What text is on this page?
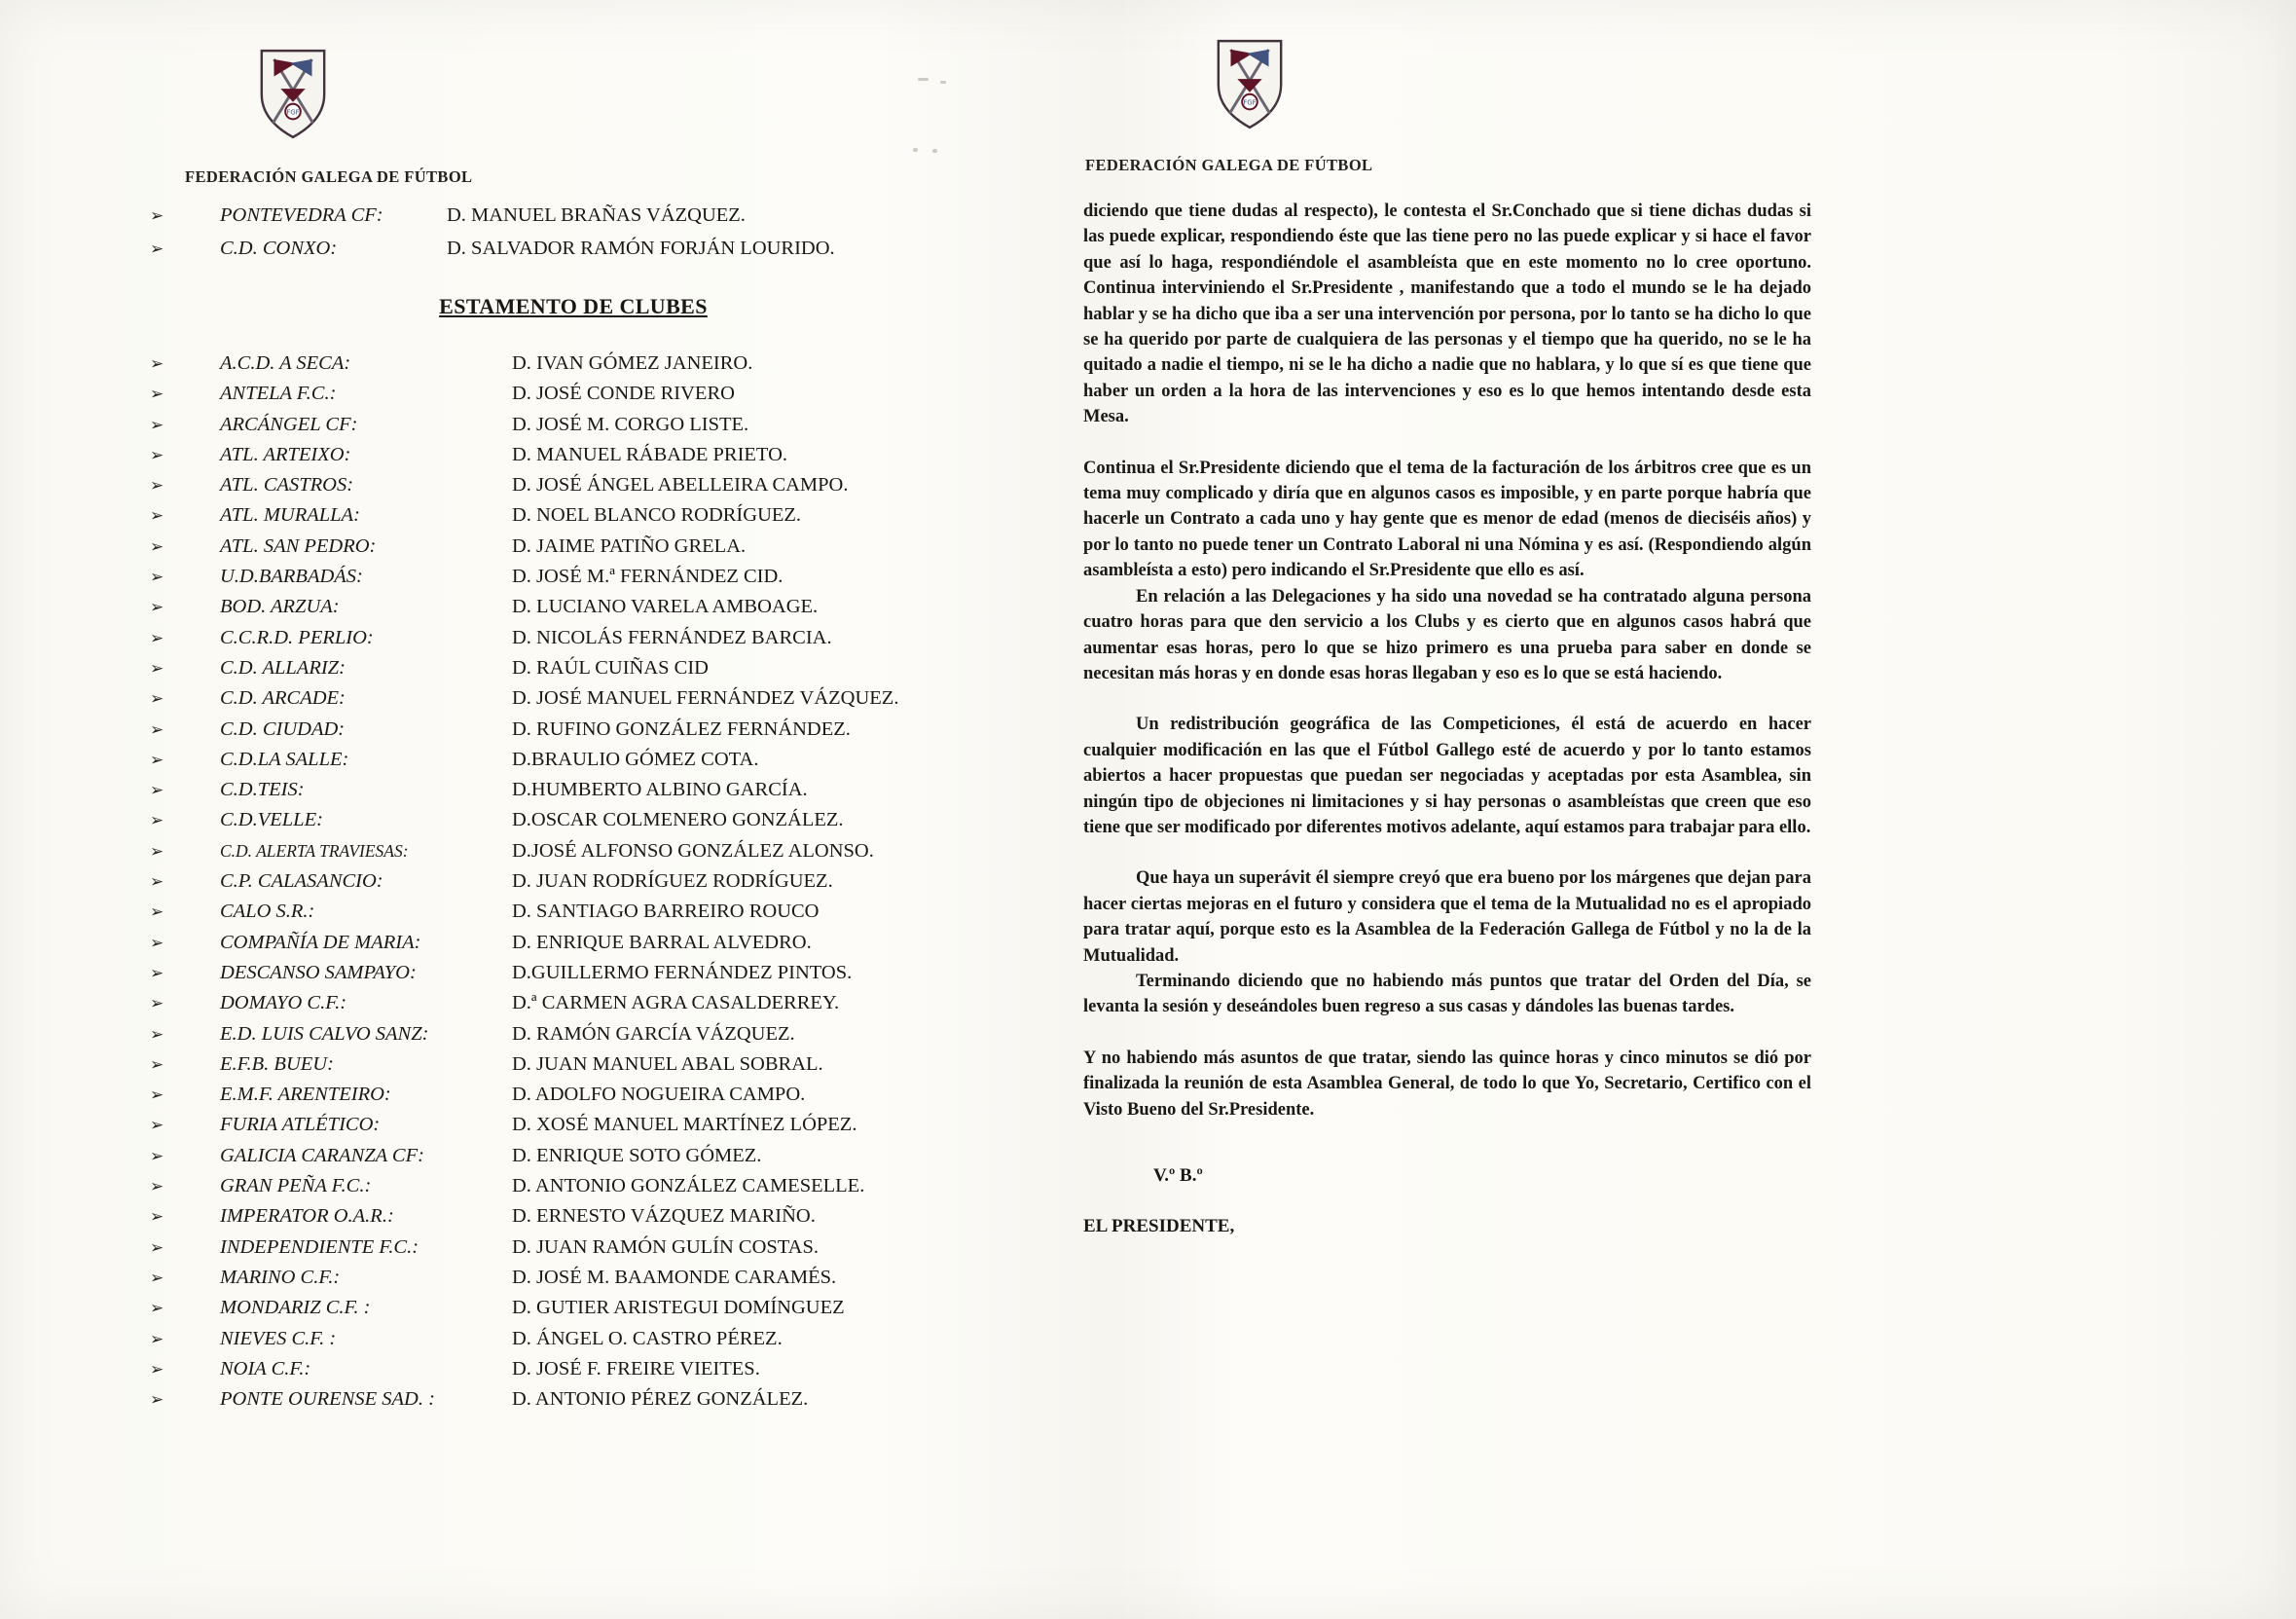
FGF
FEDERACIÓN GALEGA DE FÚTBOL
➢	PONTEVEDRA CF:	D. MANUEL BRAÑAS VÁZQUEZ.
➢	C.D. CONXO:	D. SALVADOR RAMÓN FORJÁN LOURIDO.
ESTAMENTO DE CLUBES
➢	A.C.D. A SECA:	D. IVAN GÓMEZ JANEIRO.
➢	ANTELA F.C.:	D. JOSÉ CONDE RIVERO
➢	ARCÁNGEL CF:	D. JOSÉ M. CORGO LISTE.
➢	ATL. ARTEIXO:	D. MANUEL RÁBADE PRIETO.
➢	ATL. CASTROS:	D. JOSÉ ÁNGEL ABELLEIRA CAMPO.
➢	ATL. MURALLA:	D. NOEL BLANCO RODRÍGUEZ.
➢	ATL. SAN PEDRO:	D. JAIME PATIÑO GRELA.
➢	U.D.BARBADÁS:	D. JOSÉ M.ª FERNÁNDEZ CID.
➢	BOD. ARZUA:	D. LUCIANO VARELA AMBOAGE.
➢	C.C.R.D. PERLIO:	D. NICOLÁS FERNÁNDEZ BARCIA.
➢	C.D. ALLARIZ:	D. RAÚL CUIÑAS CID
➢	C.D. ARCADE:	D. JOSÉ MANUEL FERNÁNDEZ VÁZQUEZ.
➢	C.D. CIUDAD:	D. RUFINO GONZÁLEZ FERNÁNDEZ.
➢	C.D.LA SALLE:	D.BRAULIO GÓMEZ COTA.
➢	C.D.TEIS:	D.HUMBERTO ALBINO GARCÍA.
➢	C.D.VELLE:	D.OSCAR COLMENERO GONZÁLEZ.
➢	C.D. ALERTA TRAVIESAS:	D.JOSÉ ALFONSO GONZÁLEZ ALONSO.
➢	C.P. CALASANCIO:	D. JUAN RODRÍGUEZ RODRÍGUEZ.
➢	CALO S.R.:	D. SANTIAGO BARREIRO ROUCO
➢	COMPAÑÍA DE MARIA:	D. ENRIQUE BARRAL ALVEDRO.
➢	DESCANSO SAMPAYO:	D.GUILLERMO FERNÁNDEZ PINTOS.
➢	DOMAYO C.F.:	D.ª CARMEN AGRA CASALDERREY.
➢	E.D. LUIS CALVO SANZ:	D. RAMÓN GARCÍA VÁZQUEZ.
➢	E.F.B. BUEU:	D. JUAN MANUEL ABAL SOBRAL.
➢	E.M.F. ARENTEIRO:	D. ADOLFO NOGUEIRA CAMPO.
➢	FURIA ATLÉTICO:	D. XOSÉ MANUEL MARTÍNEZ LÓPEZ.
➢	GALICIA CARANZA CF:	D. ENRIQUE SOTO GÓMEZ.
➢	GRAN PEÑA F.C.:	D. ANTONIO GONZÁLEZ CAMESELLE.
➢	IMPERATOR O.A.R.:	D. ERNESTO VÁZQUEZ MARIÑO.
➢	INDEPENDIENTE F.C.:	D. JUAN RAMÓN GULÍN COSTAS.
➢	MARINO C.F.:	D. JOSÉ M. BAAMONDE CARAMÉS.
➢	MONDARIZ C.F. :	D. GUTIER ARISTEGUI DOMÍNGUEZ
➢	NIEVES C.F. :	D. ÁNGEL O. CASTRO PÉREZ.
➢	NOIA C.F.:	D. JOSÉ F. FREIRE VIEITES.
➢	PONTE OURENSE SAD. :	D. ANTONIO PÉREZ GONZÁLEZ.
FGF
FEDERACIÓN GALEGA DE FÚTBOL

diciendo que tiene dudas al respecto), le contesta el Sr.Conchado que si tiene dichas dudas si las puede explicar, respondiendo éste que las tiene pero no las puede explicar y si hace el favor que así lo haga, respondiéndole el asambleísta que en este momento no lo cree oportuno. Continua interviniendo el Sr.Presidente , manifestando que a todo el mundo se le ha dejado hablar y se ha dicho que iba a ser una intervención por persona, por lo tanto se ha dicho lo que se ha querido por parte de cualquiera de las personas y el tiempo que ha querido, no se le ha quitado a nadie el tiempo, ni se le ha dicho a nadie que no hablara, y lo que sí es que tiene que haber un orden a la hora de las intervenciones y eso es lo que hemos intentando desde esta Mesa.

Continua el Sr.Presidente diciendo que el tema de la facturación de los árbitros cree que es un tema muy complicado y diría que en algunos casos es imposible, y en parte porque habría que hacerle un Contrato a cada uno y hay gente que es menor de edad (menos de dieciséis años) y por lo tanto no puede tener un Contrato Laboral ni una Nómina y es así. (Respondiendo algún asambleísta a esto) pero indicando el Sr.Presidente que ello es así.

En relación a las Delegaciones y ha sido una novedad se ha contratado alguna persona cuatro horas para que den servicio a los Clubs y es cierto que en algunos casos habrá que aumentar esas horas, pero lo que se hizo primero es una prueba para saber en donde se necesitan más horas y en donde esas horas llegaban y eso es lo que se está haciendo.

Un redistribución geográfica de las Competiciones, él está de acuerdo en hacer cualquier modificación en las que el Fútbol Gallego esté de acuerdo y por lo tanto estamos abiertos a hacer propuestas que puedan ser negociadas y aceptadas por esta Asamblea, sin ningún tipo de objeciones ni limitaciones y si hay personas o asambleístas que creen que eso tiene que ser modificado por diferentes motivos adelante, aquí estamos para trabajar para ello.

Que haya un superávit él siempre creyó que era bueno por los márgenes que dejan para hacer ciertas mejoras en el futuro y considera que el tema de la Mutualidad no es el apropiado para tratar aquí, porque esto es la Asamblea de la Federación Gallega de Fútbol y no la de la Mutualidad.

Terminando diciendo que no habiendo más puntos que tratar del Orden del Día, se levanta la sesión y deseándoles buen regreso a sus casas y dándoles las buenas tardes.

Y no habiendo más asuntos de que tratar, siendo las quince horas y cinco minutos se dió por finalizada la reunión de esta Asamblea General, de todo lo que Yo, Secretario, Certifico con el Visto Bueno del Sr.Presidente.

V.º B.º
EL PRESIDENTE,
